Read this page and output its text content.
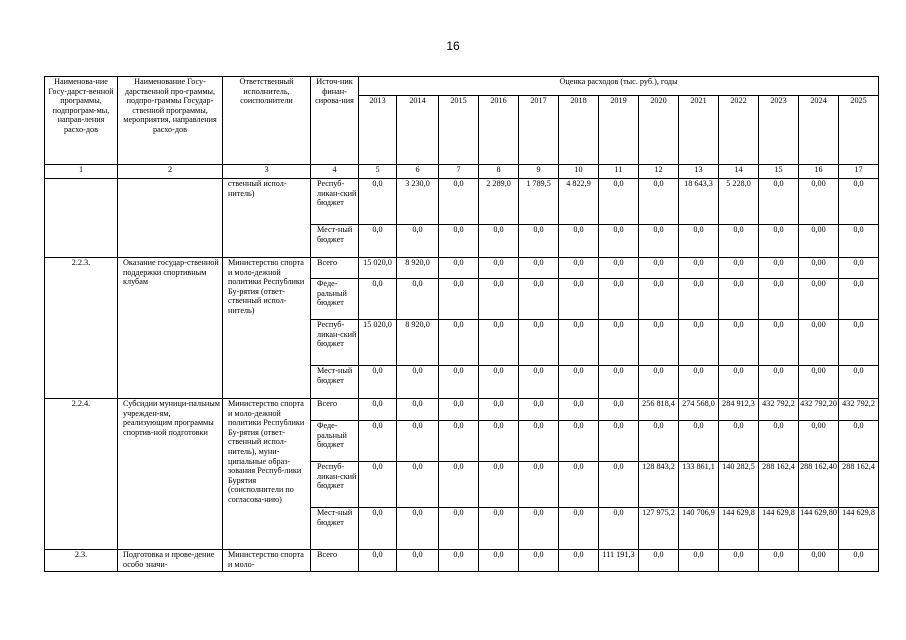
16
Наименова-ние Госу-дарст-венной программы, подпрограм-мы, направ-ления расхо-дов	Наименование Госу-дарственной про-граммы, подпро-граммы Государ-ственной программы, мероприятия, направления расхо-дов	Ответственный исполнитель, соисполнители	Источ-ник финан-сирова-ния	Оценка расходов (тыс. руб.), годы												
				2013	2014	2015	2016	2017	2018	2019	2020	2021	2022	2023	2024	2025
1	2	3	4	5	6	7	8	9	10	11	12	13	14	15	16	17
		ственный испол-нитель)	Респуб-ликан-ский бюджет	0,0	3 230,0	0,0	2 289,0	1 789,5	4 822,9	0,0	0,0	18 643,3	5 228,0	0,0	0,00	0,0
			Мест-ный бюджет	0,0	0,0	0,0	0,0	0,0	0,0	0,0	0,0	0,0	0,0	0,0	0,00	0,0
2.2.3.	Оказание государ-ственной поддержки спортивным клубам	Министерство спорта и моло-дежной политики Республики Бу-рятия (ответ-ственный испол-нитель)	Всего	15 020,0	8 920,0	0,0	0,0	0,0	0,0	0,0	0,0	0,0	0,0	0,0	0,00	0,0
			Феде-ральный бюджет	0,0	0,0	0,0	0,0	0,0	0,0	0,0	0,0	0,0	0,0	0,0	0,00	0,0
			Респуб-ликан-ский бюджет	15 020,0	8 920,0	0,0	0,0	0,0	0,0	0,0	0,0	0,0	0,0	0,0	0,00	0,0
			Мест-ный бюджет	0,0	0,0	0,0	0,0	0,0	0,0	0,0	0,0	0,0	0,0	0,0	0,00	0,0
2.2.4.	Субсидии муници-пальным учрежден-ям, реализующим программы спортив-ной подготовки	Министерство спорта и моло-дежной политики Республики Бу-рятия (ответ-ственный испол-нитель), муни-ципальные образ-зования Респуб-лики Бурятия (соисполнители по согласова-нию)	Всего	0,0	0,0	0,0	0,0	0,0	0,0	0,0	256 818,4	274 568,0	284 912,3	432 792,2	432 792,20	432 792,2
			Феде-ральный бюджет	0,0	0,0	0,0	0,0	0,0	0,0	0,0	0,0	0,0	0,0	0,0	0,00	0,0
			Респуб-ликан-ский бюджет	0,0	0,0	0,0	0,0	0,0	0,0	0,0	128 843,2	133 861,1	140 282,5	288 162,4	288 162,40	288 162,4
			Мест-ный бюджет	0,0	0,0	0,0	0,0	0,0	0,0	0,0	127 975,2	140 706,9	144 629,8	144 629,8	144 629,80	144 629,8
2.3.	Подготовка и прове-дение особо значи-	Министерство спорта и моло-	Всего	0,0	0,0	0,0	0,0	0,0	0,0	111 191,3	0,0	0,0	0,0	0,0	0,00	0,0
